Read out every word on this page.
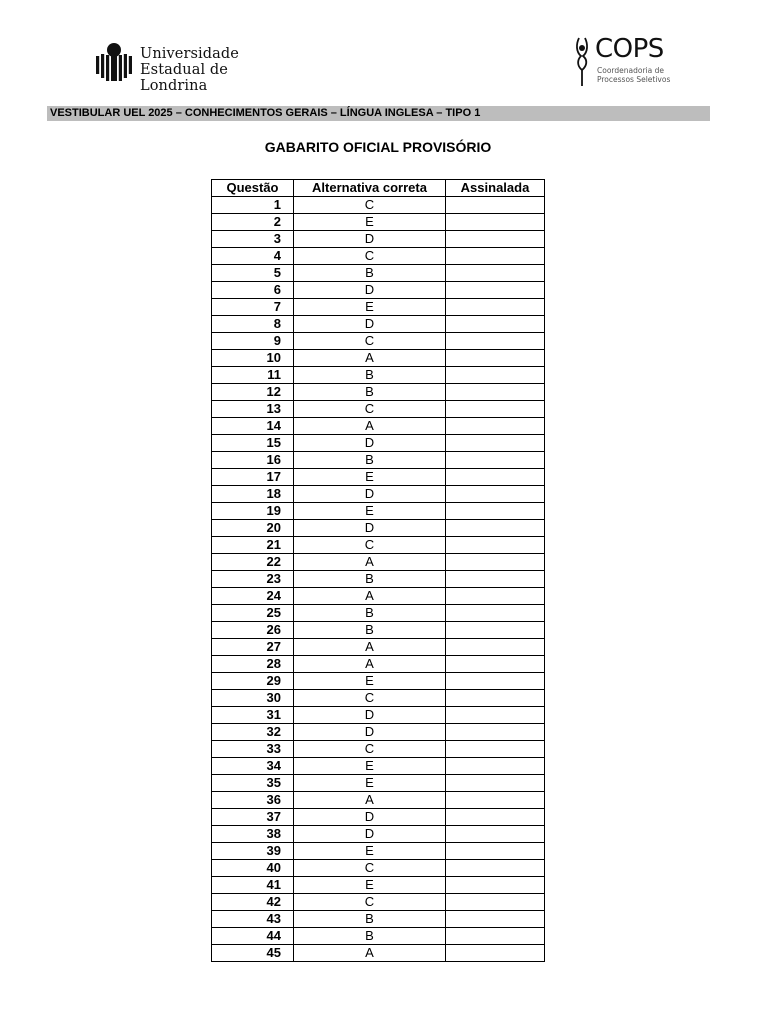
Universidade
Estadual de Londrina
COPS
Coordenadoria de
Processos Seletivos
VESTIBULAR UEL 2025 – CONHECIMENTOS GERAIS – LÍNGUA INGLESA – TIPO 1
GABARITO OFICIAL PROVISÓRIO
Questão	Alternativa correta	Assinalada
1	C	
2	E	
3	D	
4	C	
5	B	
6	D	
7	E	
8	D	
9	C	
10	A	
11	B	
12	B	
13	C	
14	A	
15	D	
16	B	
17	E	
18	D	
19	E	
20	D	
21	C	
22	A	
23	B	
24	A	
25	B	
26	B	
27	A	
28	A	
29	E	
30	C	
31	D	
32	D	
33	C	
34	E	
35	E	
36	A	
37	D	
38	D	
39	E	
40	C	
41	E	
42	C	
43	B	
44	B	
45	A	
